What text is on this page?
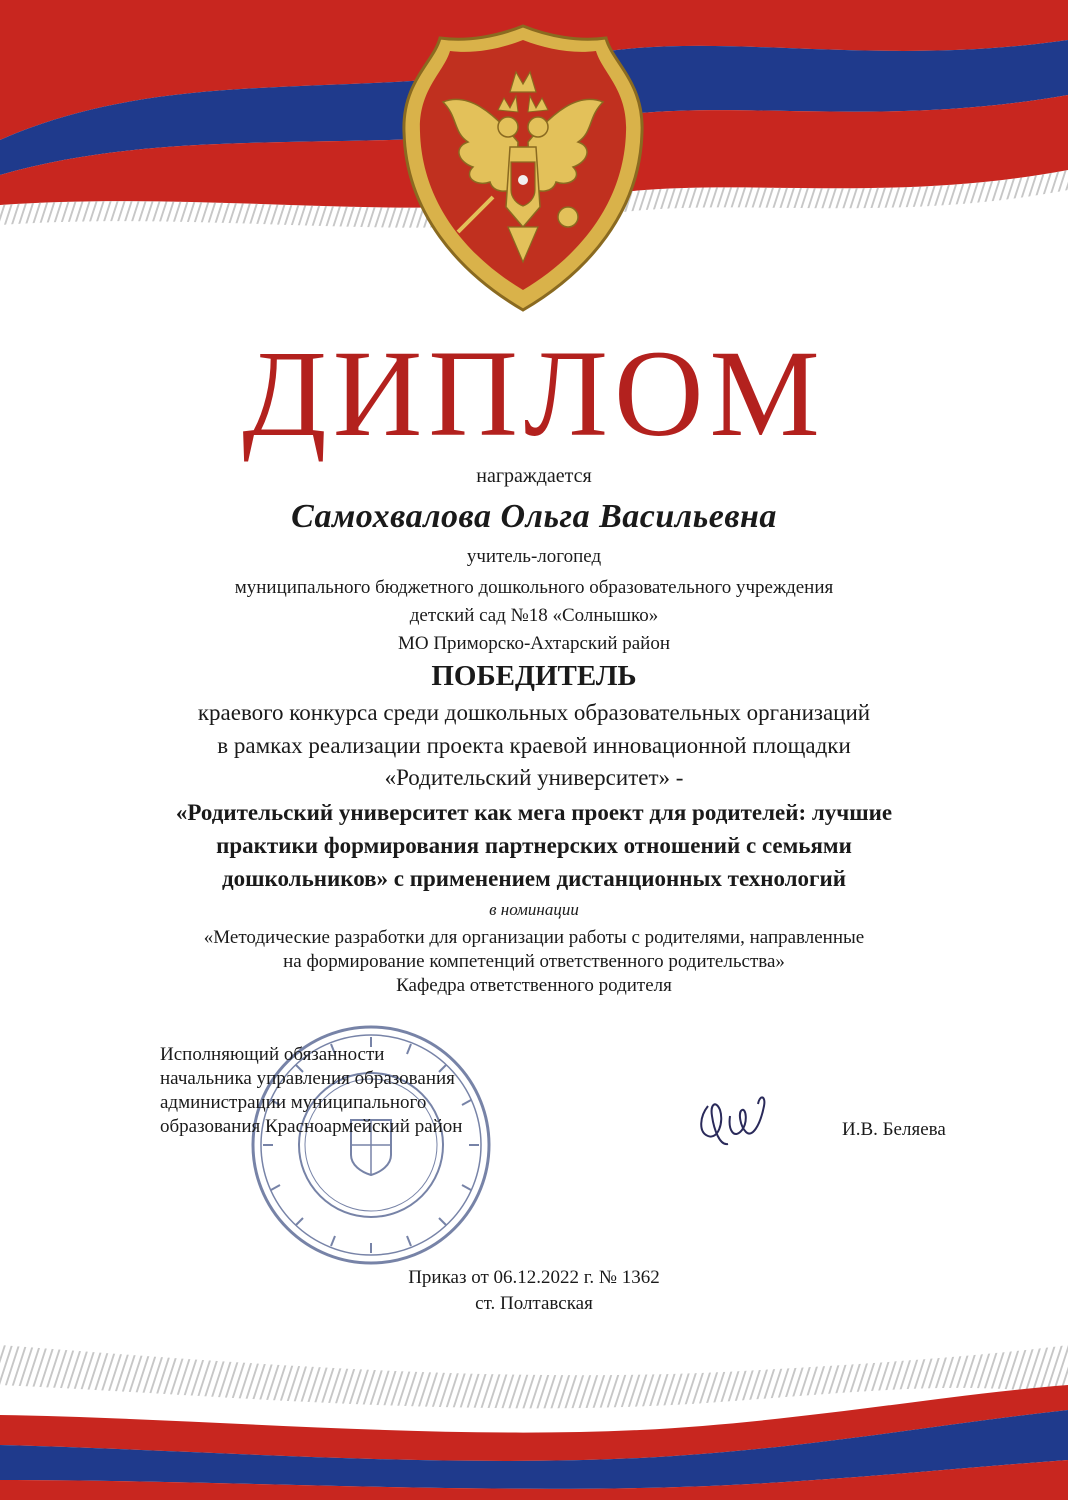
ДИПЛОМ
награждается
Самохвалова Ольга Васильевна
учитель-логопед
муниципального бюджетного дошкольного образовательного учреждения
детский сад №18 «Солнышко»
МО Приморско-Ахтарский район
ПОБЕДИТЕЛЬ
краевого конкурса среди дошкольных образовательных организаций
в рамках реализации проекта краевой инновационной площадки
«Родительский университет» -
«Родительский университет как мега проект для родителей: лучшие
практики формирования партнерских отношений с семьями
дошкольников» с применением дистанционных технологий
в номинации
«Методические разработки для организации работы с родителями, направленные
на формирование компетенций ответственного родительства»
Кафедра ответственного родителя
Исполняющий обязанности
начальника управления образования
администрации муниципального
образования Красноармейский район	И.В. Беляева
Приказ от 06.12.2022 г. № 1362
ст. Полтавская
